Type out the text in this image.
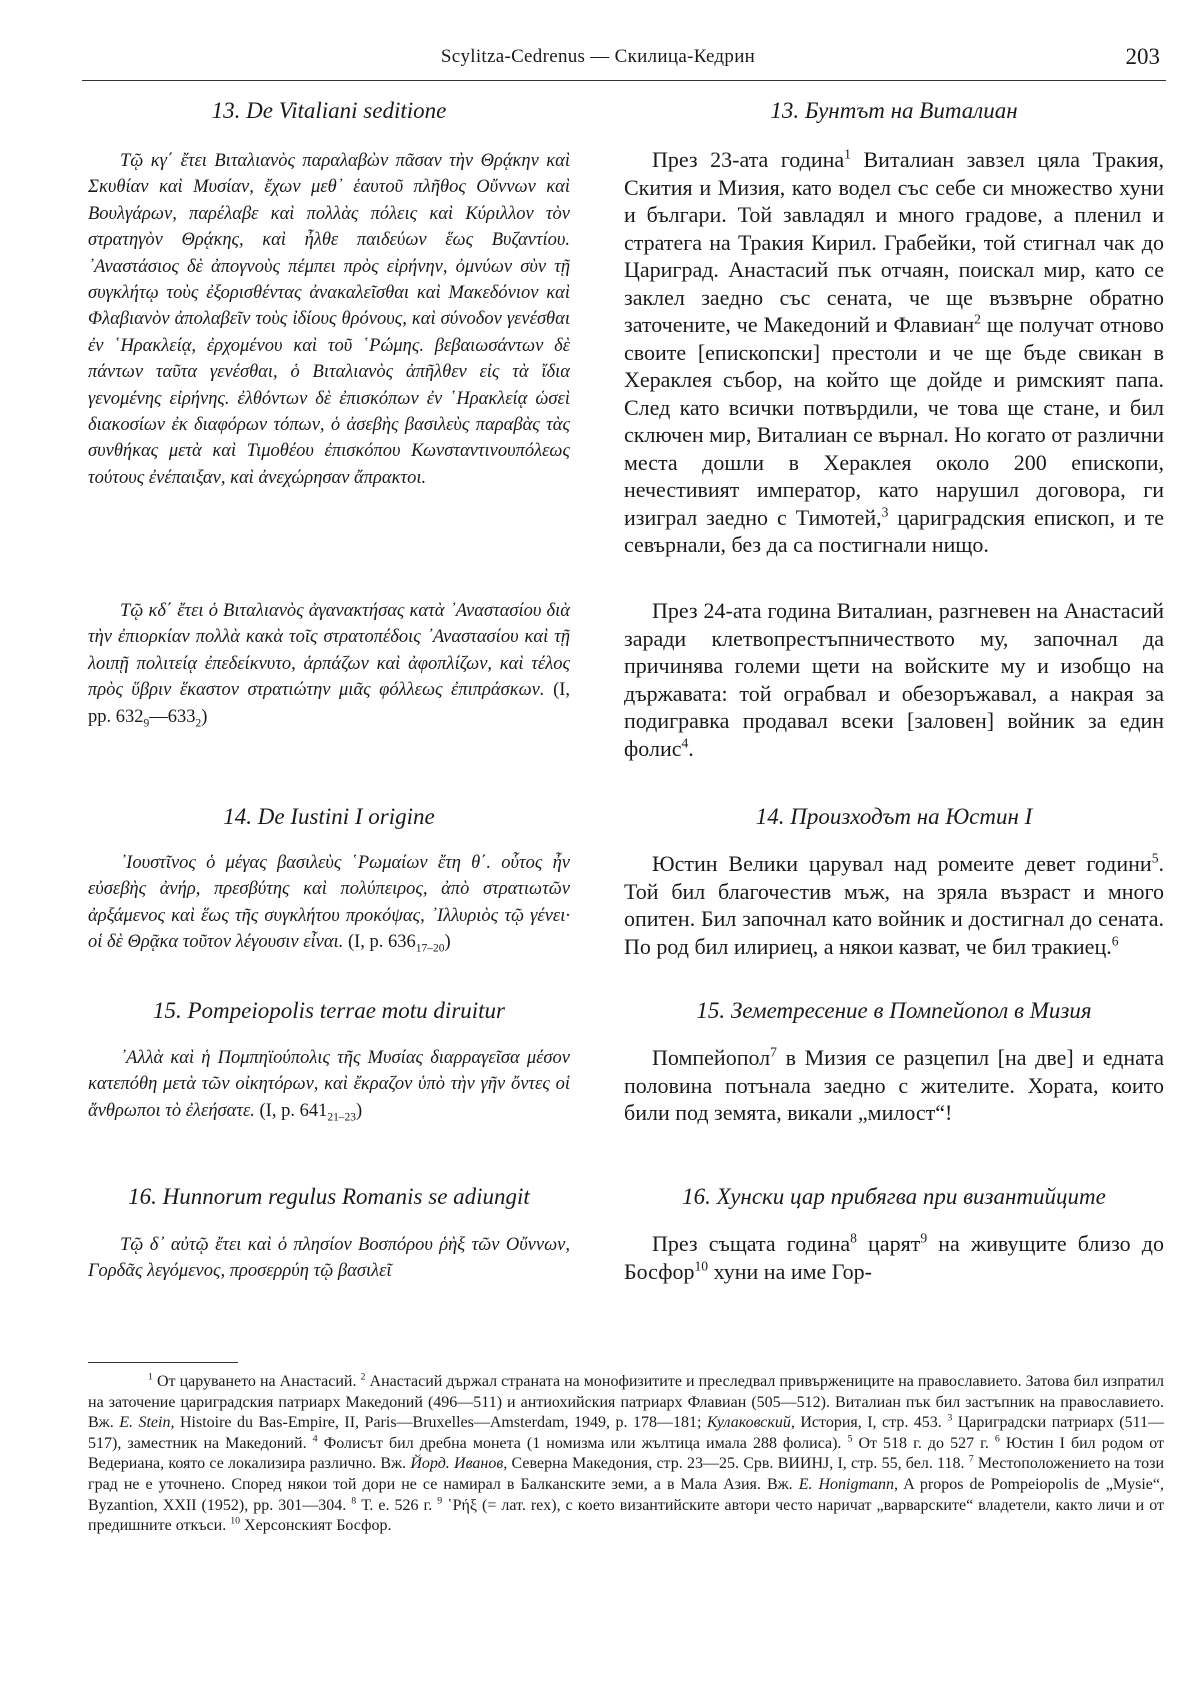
Scylitza-Cedrenus — Скилица-Кедрин	203
13. De Vitaliani seditione

Τῷ κγ΄ ἔτει Βιταλιανὸς παραλαβὼν πᾶσαν τὴν Θρᾴκην καὶ Σκυθίαν καὶ Μυσίαν, ἔχων μεθ᾽ ἑαυτοῦ πλῆθος Οὔννων καὶ Βουλγάρων, παρέλαβε καὶ πολλὰς πόλεις καὶ Κύριλλον τὸν στρατηγὸν Θρᾴκης, καὶ ἦλθε παιδεύων ἕως Βυζαντίου. ᾽Αναστάσιος δὲ ἀπογνοὺς πέμπει πρὸς εἰρήνην, ὀμνύων σὺν τῇ συγκλήτῳ τοὺς ἐξορισθέντας ἀνακαλεῖσθαι καὶ Μακεδόνιον καὶ Φλαβιανὸν ἀπολαβεῖν τοὺς ἰδίους θρόνους, καὶ σύνοδον γενέσθαι ἐν ῾Ηρακλείᾳ, ἐρχομένου καὶ τοῦ ῾Ρώμης. βεβαιωσάντων δὲ πάντων ταῦτα γενέσθαι, ὁ Βιταλιανὸς ἀπῆλθεν εἰς τὰ ἴδια γενομένης εἰρήνης. ἐλθόντων δὲ ἐπισκόπων ἐν ῾Ηρακλείᾳ ὡσεὶ διακοσίων ἐκ διαφόρων τόπων, ὁ ἀσεβὴς βασιλεὺς παραβὰς τὰς συνθήκας μετὰ καὶ Τιμοθέου ἐπισκόπου Κωνσταντινουπόλεως τούτους ἐνέπαιξαν, καὶ ἀνεχώρησαν ἄπρακτοι.

Τῷ κδ΄ ἔτει ὁ Βιταλιανὸς ἀγανακτήσας κατὰ ᾽Αναστασίου διὰ τὴν ἐπιορκίαν πολλὰ κακὰ τοῖς στρατοπέδοις ᾽Αναστασίου καὶ τῇ λοιπῇ πολιτείᾳ ἐπεδείκνυτο, ἁρπάζων καὶ ἀφοπλίζων, καὶ τέλος πρὸς ὕβριν ἕκαστον στρατιώτην μιᾶς φόλλεως ἐπιπράσκων. (I, pp. $632_9—633_2$)

14. De Iustini I origine

᾽Ιουστῖνος ὁ μέγας βασιλεὺς ῾Ρωμαίων ἔτη θ΄. οὗτος ἦν εὐσεβὴς ἀνήρ, πρεσβύτης καὶ πολύπειρος, ἀπὸ στρατιωτῶν ἀρξάμενος καὶ ἕως τῆς συγκλήτου προκόψας, ᾽Ιλλυριὸς τῷ γένει· οἱ δὲ Θρᾷκα τοῦτον λέγουσιν εἶναι. (I, p. $636_{17-20}$)

15. Pompeiopolis terrae motu diruitur

᾽Αλλὰ καὶ ἡ Πομπηϊούπολις τῆς Μυσίας διαρραγεῖσα μέσον κατεπόθη μετὰ τῶν οἰκητόρων, καὶ ἔκραζον ὑπὸ τὴν γῆν ὄντες οἱ ἄνθρωποι τὸ ἐλεήσατε. (I, p. $641_{21-23}$)

16. Hunnorum regulus Romanis se adiungit

Τῷ δ᾽ αὐτῷ ἔτει καὶ ὁ πλησίον Βοσπόρου ῥὴξ τῶν Οὔννων, Γορδᾶς λεγόμενος, προσερρύη τῷ βασιλεῖ

13. Бунтът на Виталиан

През 23-ата година$^1$ Виталиан завзел цяла Тракия, Скития и Мизия, като водел със себе си множество хуни и българи. Той завладял и много градове, а пленил и стратега на Тракия Кирил. Грабейки, той стигнал чак до Цариград. Анастасий пък отчаян, поискал мир, като се заклел заедно със сената, че ще възвърне обратно заточените, че Македоний и Флавиан$^2$ ще получат отново своите [епископски] престоли и че ще бъде свикан в Хераклея събор, на който ще дойде и римският папа. След като всички потвърдили, че това ще стане, и бил сключен мир, Виталиан се върнал. Но когато от различни места дошли в Хераклея около 200 епископи, нечестивият император, като нарушил договора, ги изиграл заедно с Тимотей,$^3$ цариградския епископ, и те севърнали, без да са постигнали нищо.

През 24-ата година Виталиан, разгневен на Анастасий заради клетвопрестъпничеството му, започнал да причинява големи щети на войските му и изобщо на държавата: той ограбвал и обезоръжавал, а накрая за подигравка продавал всеки [заловен] войник за един фолис$^4$.

14. Произходът на Юстин I

Юстин Велики царувал над ромеите девет години$^5$. Той бил благочестив мъж, на зряла възраст и много опитен. Бил започнал като войник и достигнал до сената. По род бил илириец, а някои казват, че бил тракиец.$^6$

15. Земетресение в Помпейопол в Мизия

Помпейопол$^7$ в Мизия се разцепил [на две] и едната половина потънала заедно с жителите. Хората, които били под земята, викали „милост“!

16. Хунски цар прибягва при византийците

През същата година$^8$ царят$^9$ на живущите близо до Босфор$^{10}$ хуни на име Гор-

$^1$ От царуването на Анастасий. $^2$ Анастасий държал страната на монофизитите и преследвал привържениците на православието. Затова бил изпратил на заточение цариградския патриарх Македоний (496—511) и антиохийския патриарх Флавиан (505—512). Виталиан пък бил застъпник на православието. Вж. E. Stein, Histoire du Bas-Empire, II, Paris—Bruxelles—Amsterdam, 1949, p. 178—181; Кулаковский, История, I, стр. 453. $^3$ Цариградски патриарх (511—517), заместник на Македоний. $^4$ Фолисът бил дребна монета (1 номизма или жълтица имала 288 фолиса). $^5$ От 518 г. до 527 г. $^6$ Юстин I бил родом от Ведериана, която се локализира различно. Вж. Йорд. Иванов, Северна Македония, стр. 23—25. Срв. ВИИНJ, I, стр. 55, бел. 118. $^7$ Местоположението на този град не е уточнено. Според някои той дори не се намирал в Балканските земи, а в Мала Азия. Вж. E. Honigmann, A propos de Pompeiopolis de „Mysie“, Byzantion, XXII (1952), pp. 301—304. $^8$ Т. е. 526 г. $^9$ ῾Ρήξ (= лат. rex), с което византийските автори често наричат „варварските“ владетели, както личи и от предишните откъси. $^{10}$ Херсонският Босфор.
